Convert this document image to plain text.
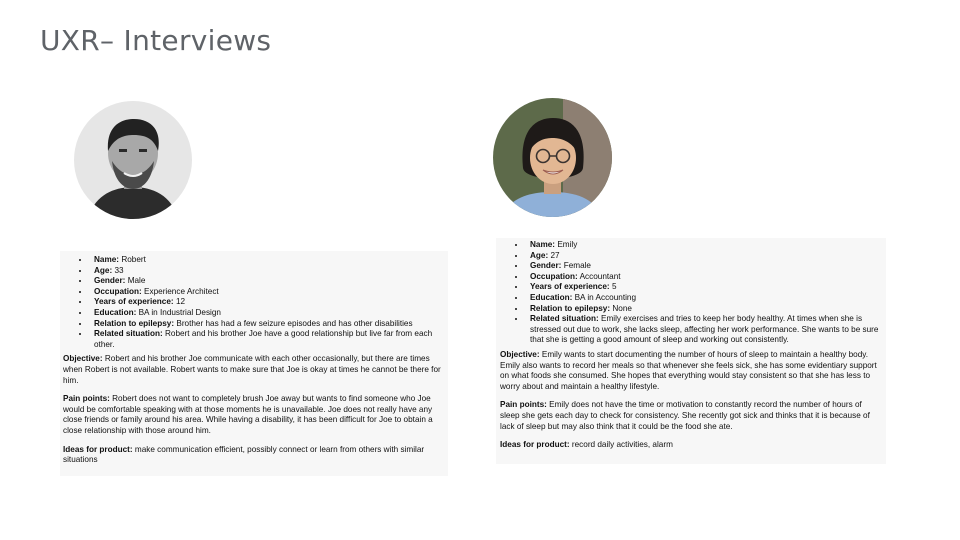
UXR– Interviews
• Name: Robert
• Age: 33
• Gender: Male
• Occupation: Experience Architect
• Years of experience: 12
• Education: BA in Industrial Design
• Relation to epilepsy: Brother has had a few seizure episodes and has other disabilities
• Related situation: Robert and his brother Joe have a good relationship but live far from each other.

Objective: Robert and his brother Joe communicate with each other occasionally, but there are times when Robert is not available. Robert wants to make sure that Joe is okay at times he cannot be there for him.

Pain points: Robert does not want to completely brush Joe away but wants to find someone who Joe would be comfortable speaking with at those moments he is unavailable. Joe does not really have any close friends or family around his area. While having a disability, it has been difficult for Joe to obtain a close relationship with those around him.

Ideas for product: make communication efficient, possibly connect or learn from others with similar situations

• Name: Emily
• Age: 27
• Gender: Female
• Occupation: Accountant
• Years of experience: 5
• Education: BA in Accounting
• Relation to epilepsy: None
• Related situation: Emily exercises and tries to keep her body healthy. At times when she is stressed out due to work, she lacks sleep, affecting her work performance. She wants to be sure that she is getting a good amount of sleep and working out consistently.

Objective: Emily wants to start documenting the number of hours of sleep to maintain a healthy body. Emily also wants to record her meals so that whenever she feels sick, she has some evidentiary support on what foods she consumed. She hopes that everything would stay consistent so that she has less to worry about and maintain a healthy lifestyle.

Pain points: Emily does not have the time or motivation to constantly record the number of hours of sleep she gets each day to check for consistency. She recently got sick and thinks that it is because of lack of sleep but may also think that it could be the food she ate.

Ideas for product: record daily activities, alarm
